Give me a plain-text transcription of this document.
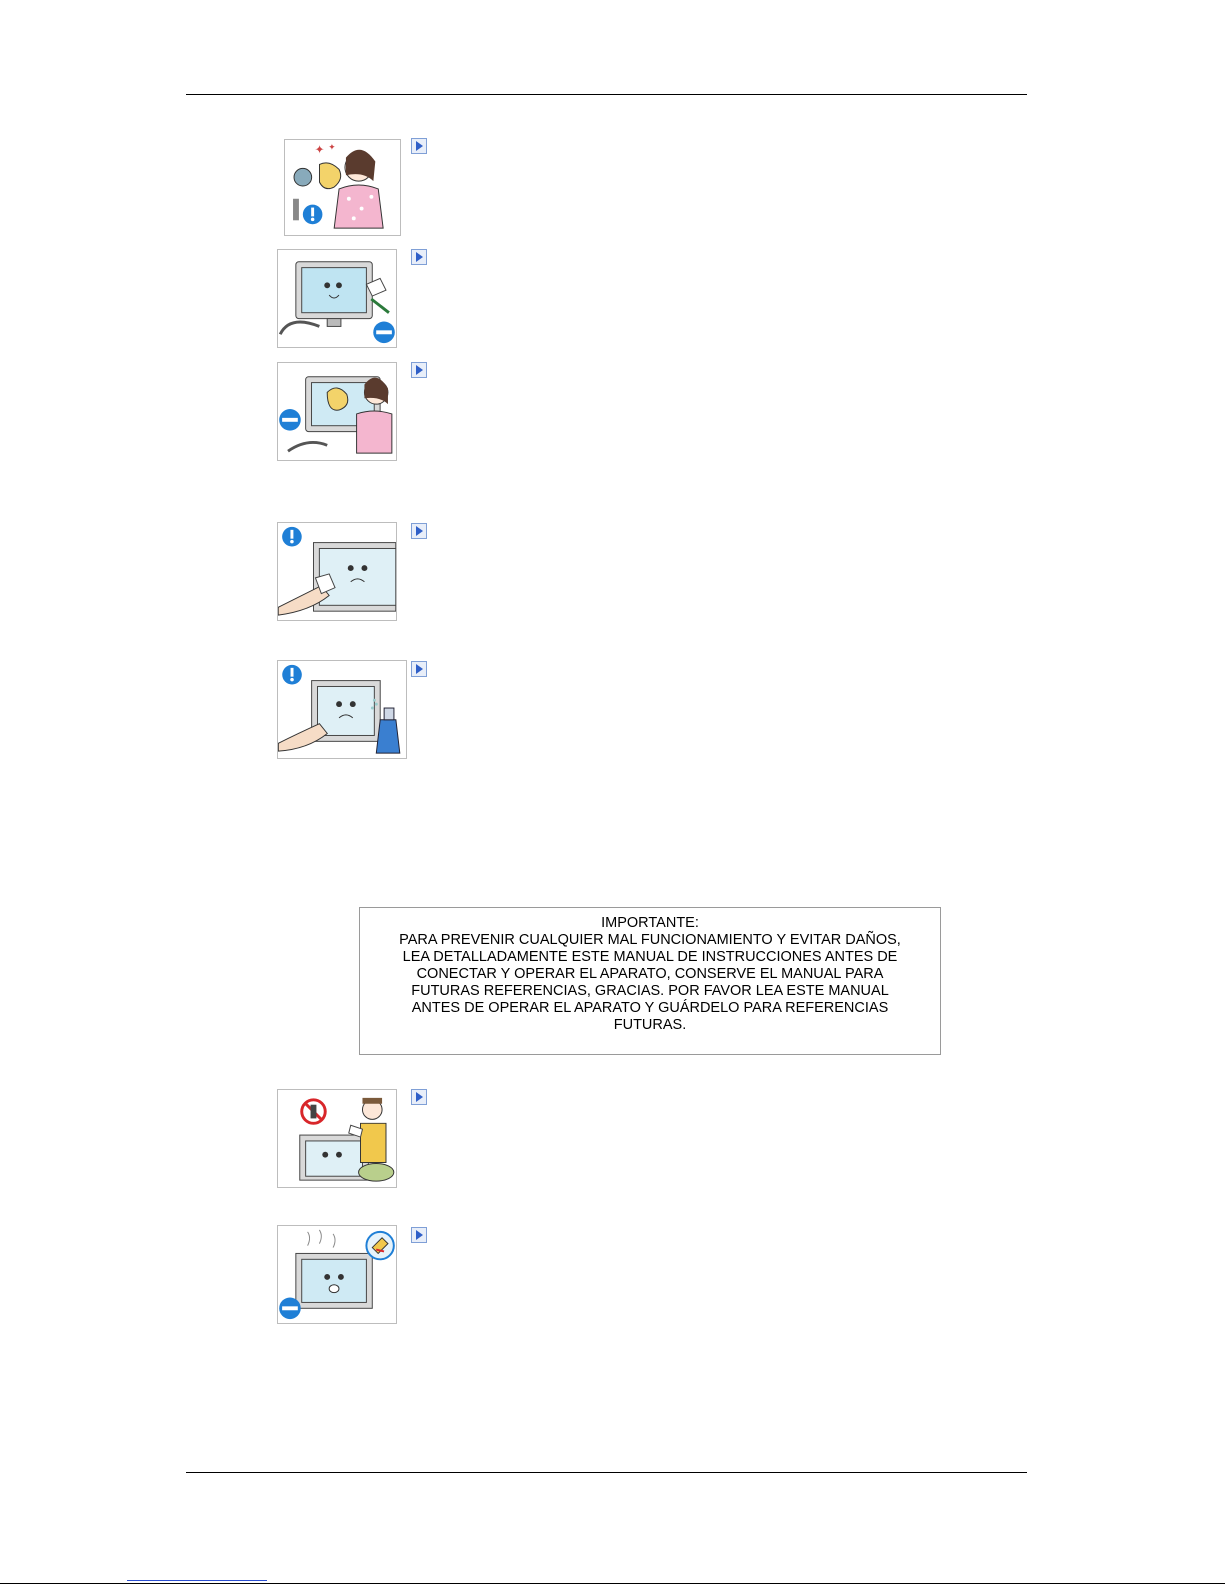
✦ ✦
IMPORTANTE:
PARA PREVENIR CUALQUIER MAL FUNCIONAMIENTO Y EVITAR DAÑOS,
LEA DETALLADAMENTE ESTE MANUAL DE INSTRUCCIONES ANTES DE
CONECTAR Y OPERAR EL APARATO, CONSERVE EL MANUAL PARA
FUTURAS REFERENCIAS, GRACIAS. POR FAVOR LEA ESTE MANUAL
ANTES DE OPERAR EL APARATO Y GUÁRDELO PARA REFERENCIAS
FUTURAS.
